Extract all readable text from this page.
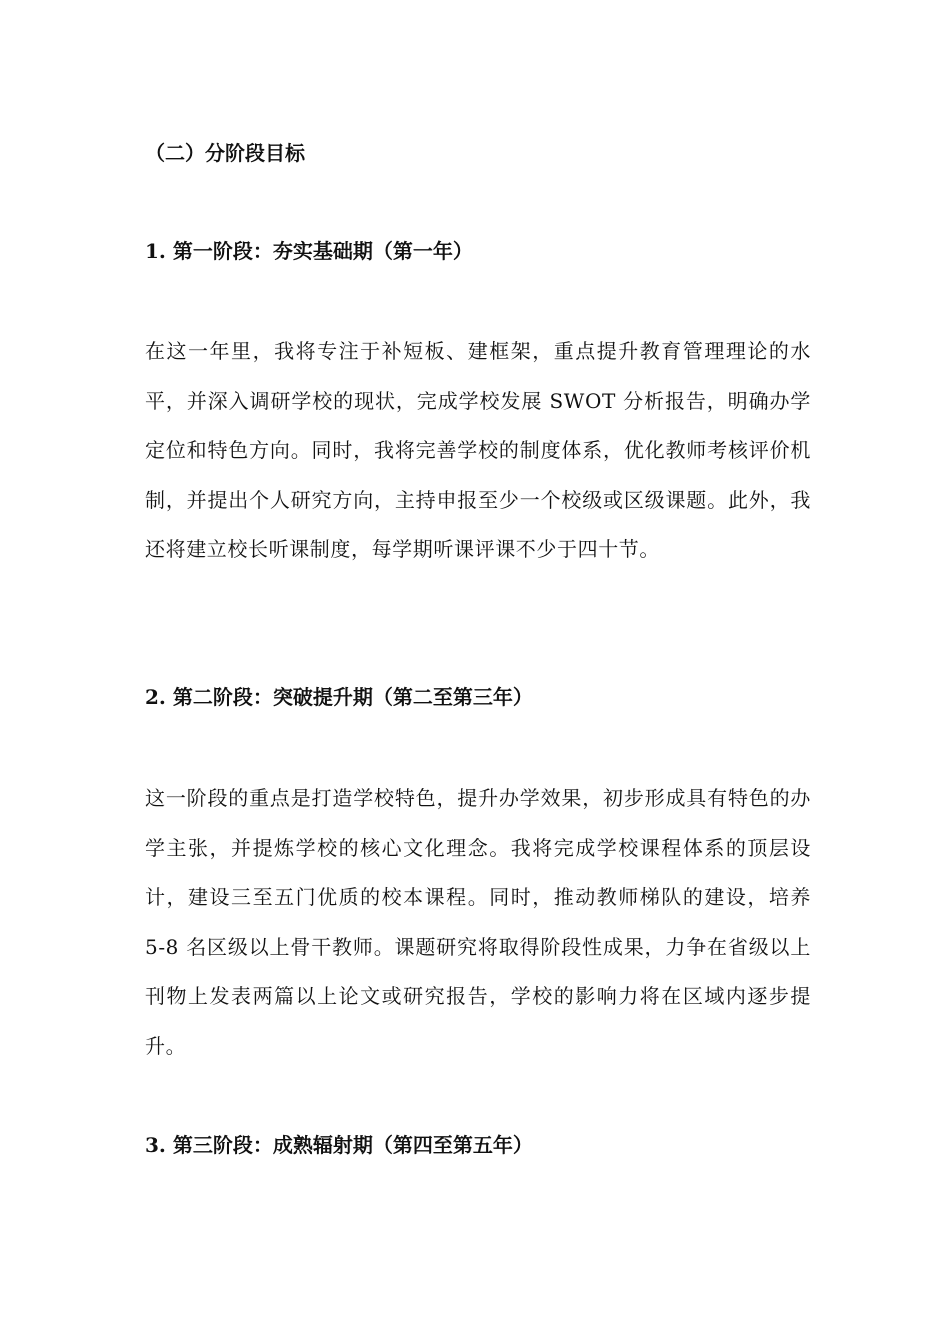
（二）分阶段目标
1. 第一阶段：夯实基础期（第一年）

在这一年里，我将专注于补短板、建框架，重点提升教育管理理论的水平，并深入调研学校的现状，完成学校发展 SWOT 分析报告，明确办学定位和特色方向。同时，我将完善学校的制度体系，优化教师考核评价机制，并提出个人研究方向，主持申报至少一个校级或区级课题。此外，我还将建立校长听课制度，每学期听课评课不少于四十节。

2. 第二阶段：突破提升期（第二至第三年）

这一阶段的重点是打造学校特色，提升办学效果，初步形成具有特色的办学主张，并提炼学校的核心文化理念。我将完成学校课程体系的顶层设计，建设三至五门优质的校本课程。同时，推动教师梯队的建设，培养 5-8 名区级以上骨干教师。课题研究将取得阶段性成果，力争在省级以上刊物上发表两篇以上论文或研究报告，学校的影响力将在区域内逐步提升。

3. 第三阶段：成熟辐射期（第四至第五年）
